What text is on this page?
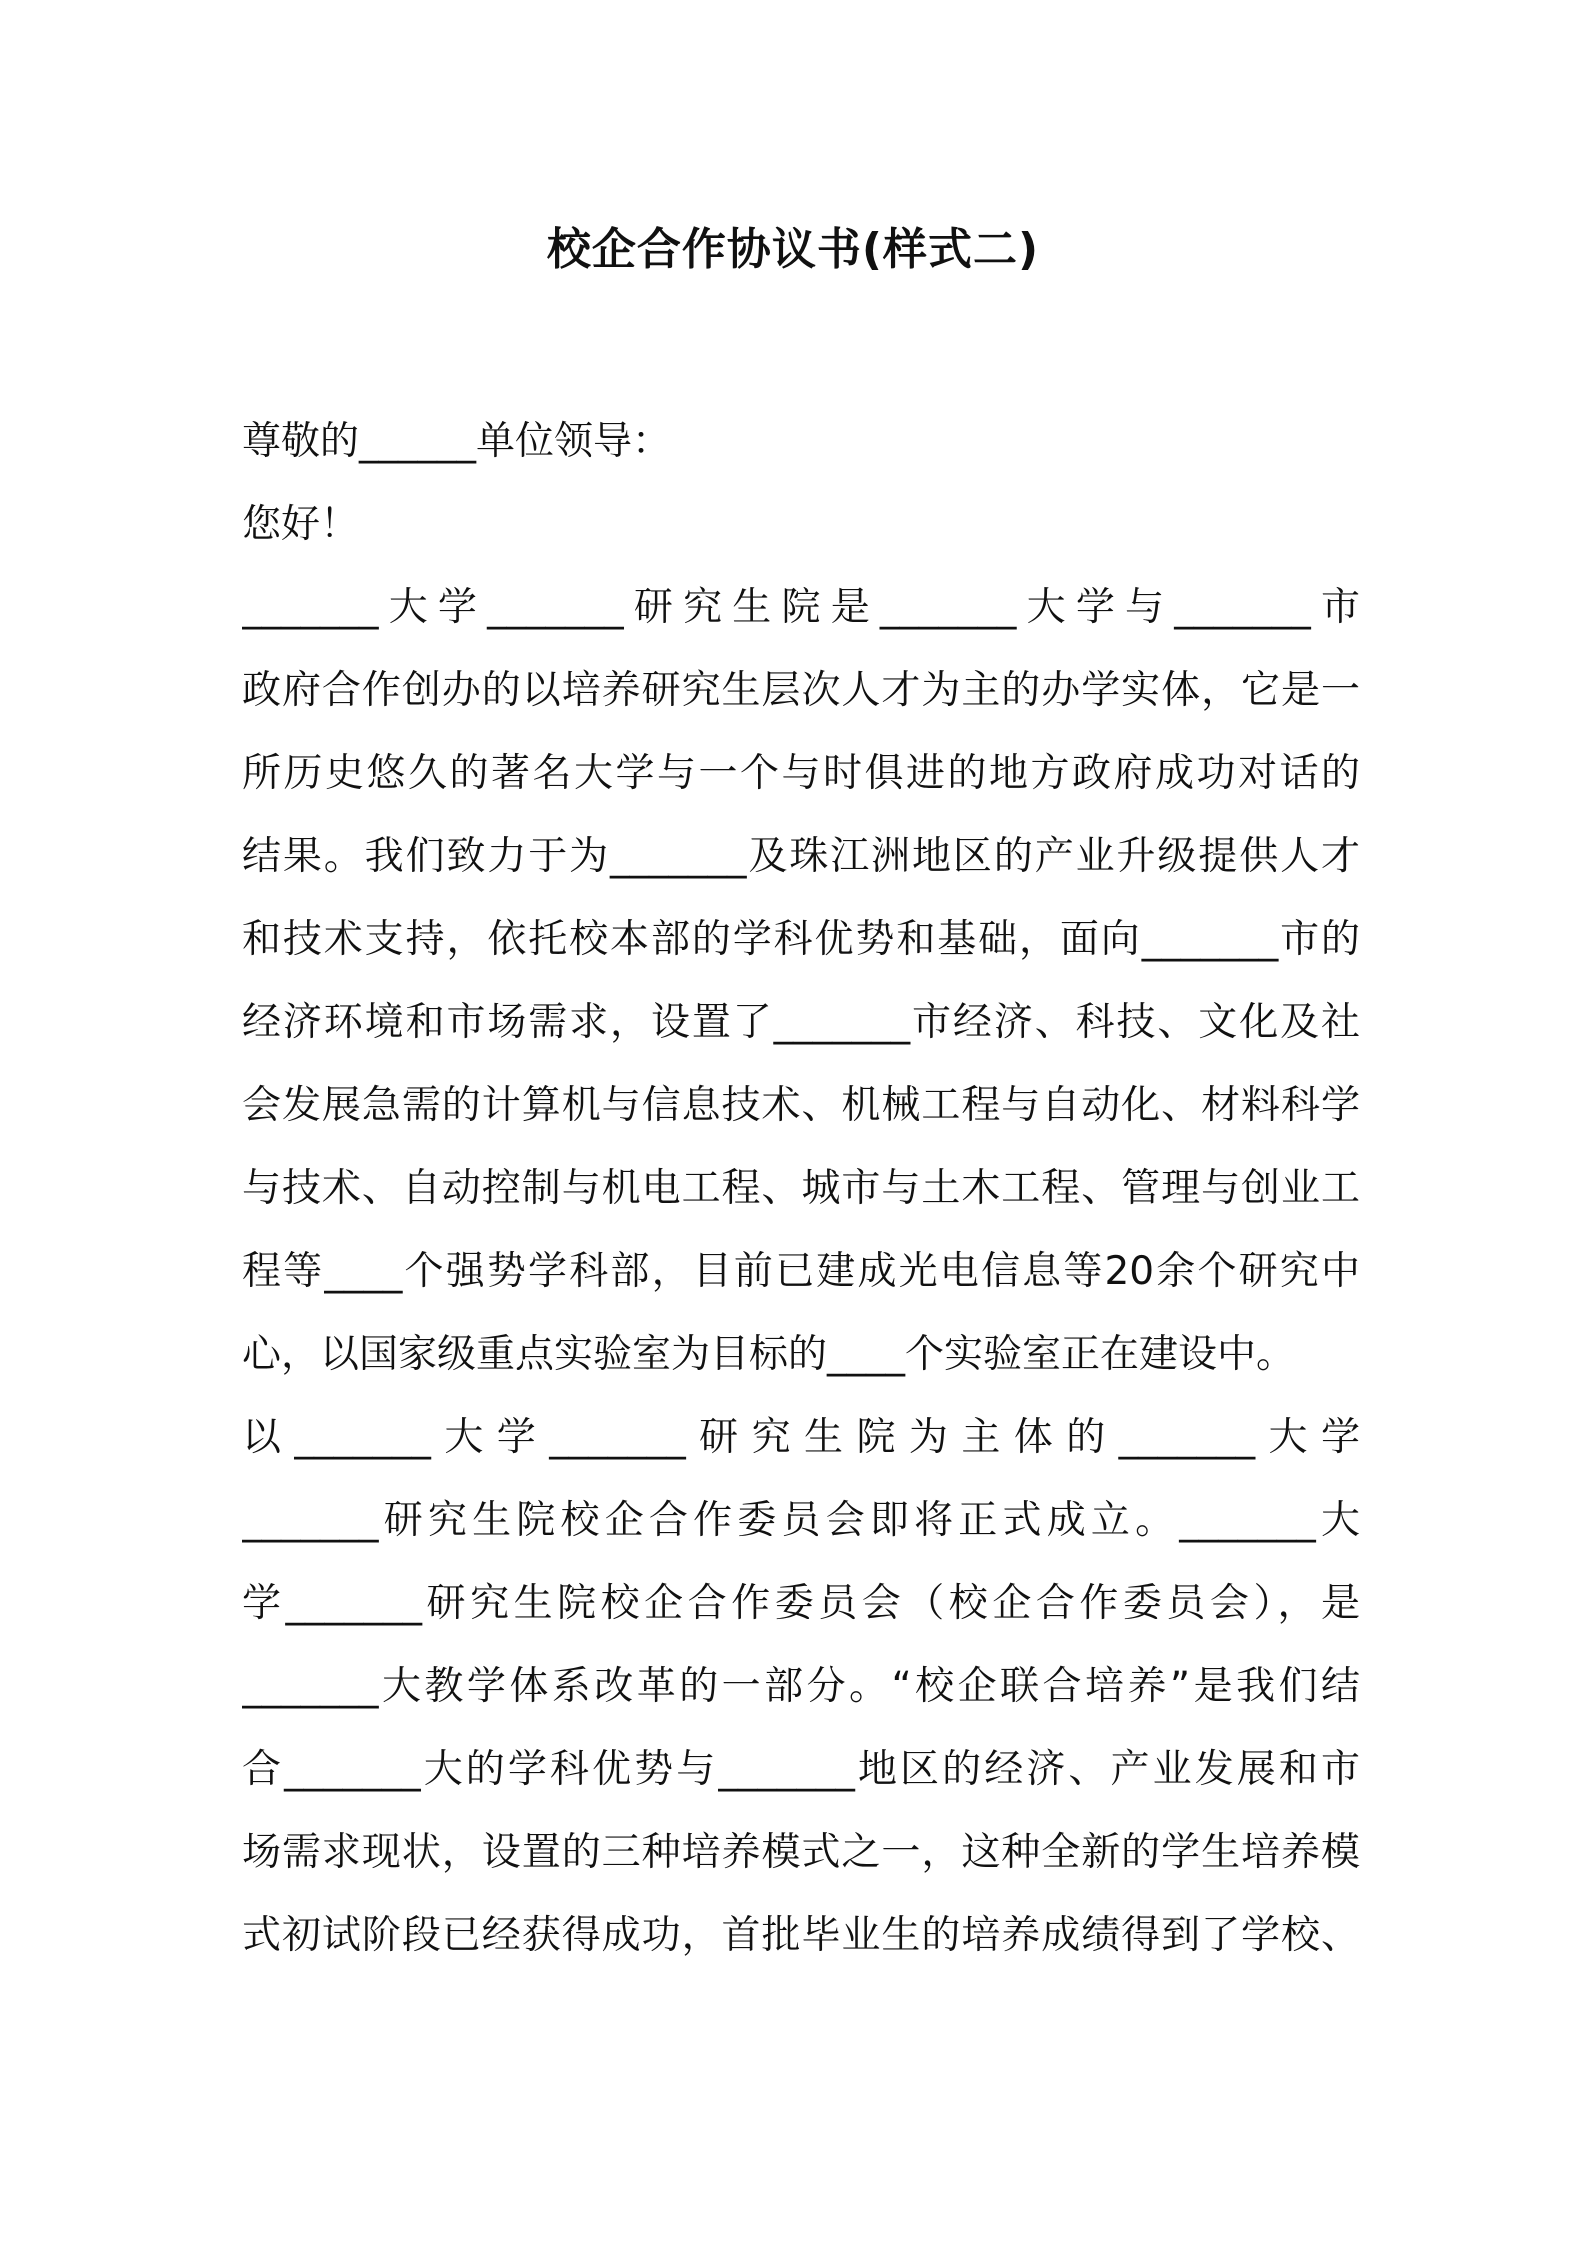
校企合作协议书(样式二)
尊敬的______单位领导：
您好！
_______大学_______研究生院是_______大学与_______市
政府合作创办的以培养研究生层次人才为主的办学实体，它是一
所历史悠久的著名大学与一个与时俱进的地方政府成功对话的
结果。我们致力于为_______及珠江洲地区的产业升级提供人才
和技术支持，依托校本部的学科优势和基础，面向_______市的
经济环境和市场需求，设置了_______市经济、科技、文化及社
会发展急需的计算机与信息技术、机械工程与自动化、材料科学
与技术、自动控制与机电工程、城市与土木工程、管理与创业工
程等____个强势学科部，目前已建成光电信息等20余个研究中
心，以国家级重点实验室为目标的____个实验室正在建设中。
以_______大学_______研究生院为主体的_______大学
_______研究生院校企合作委员会即将正式成立。_______大
学_______研究生院校企合作委员会（校企合作委员会），是
_______大教学体系改革的一部分。“校企联合培养”是我们结
合_______大的学科优势与_______地区的经济、产业发展和市
场需求现状，设置的三种培养模式之一，这种全新的学生培养模
式初试阶段已经获得成功，首批毕业生的培养成绩得到了学校、
